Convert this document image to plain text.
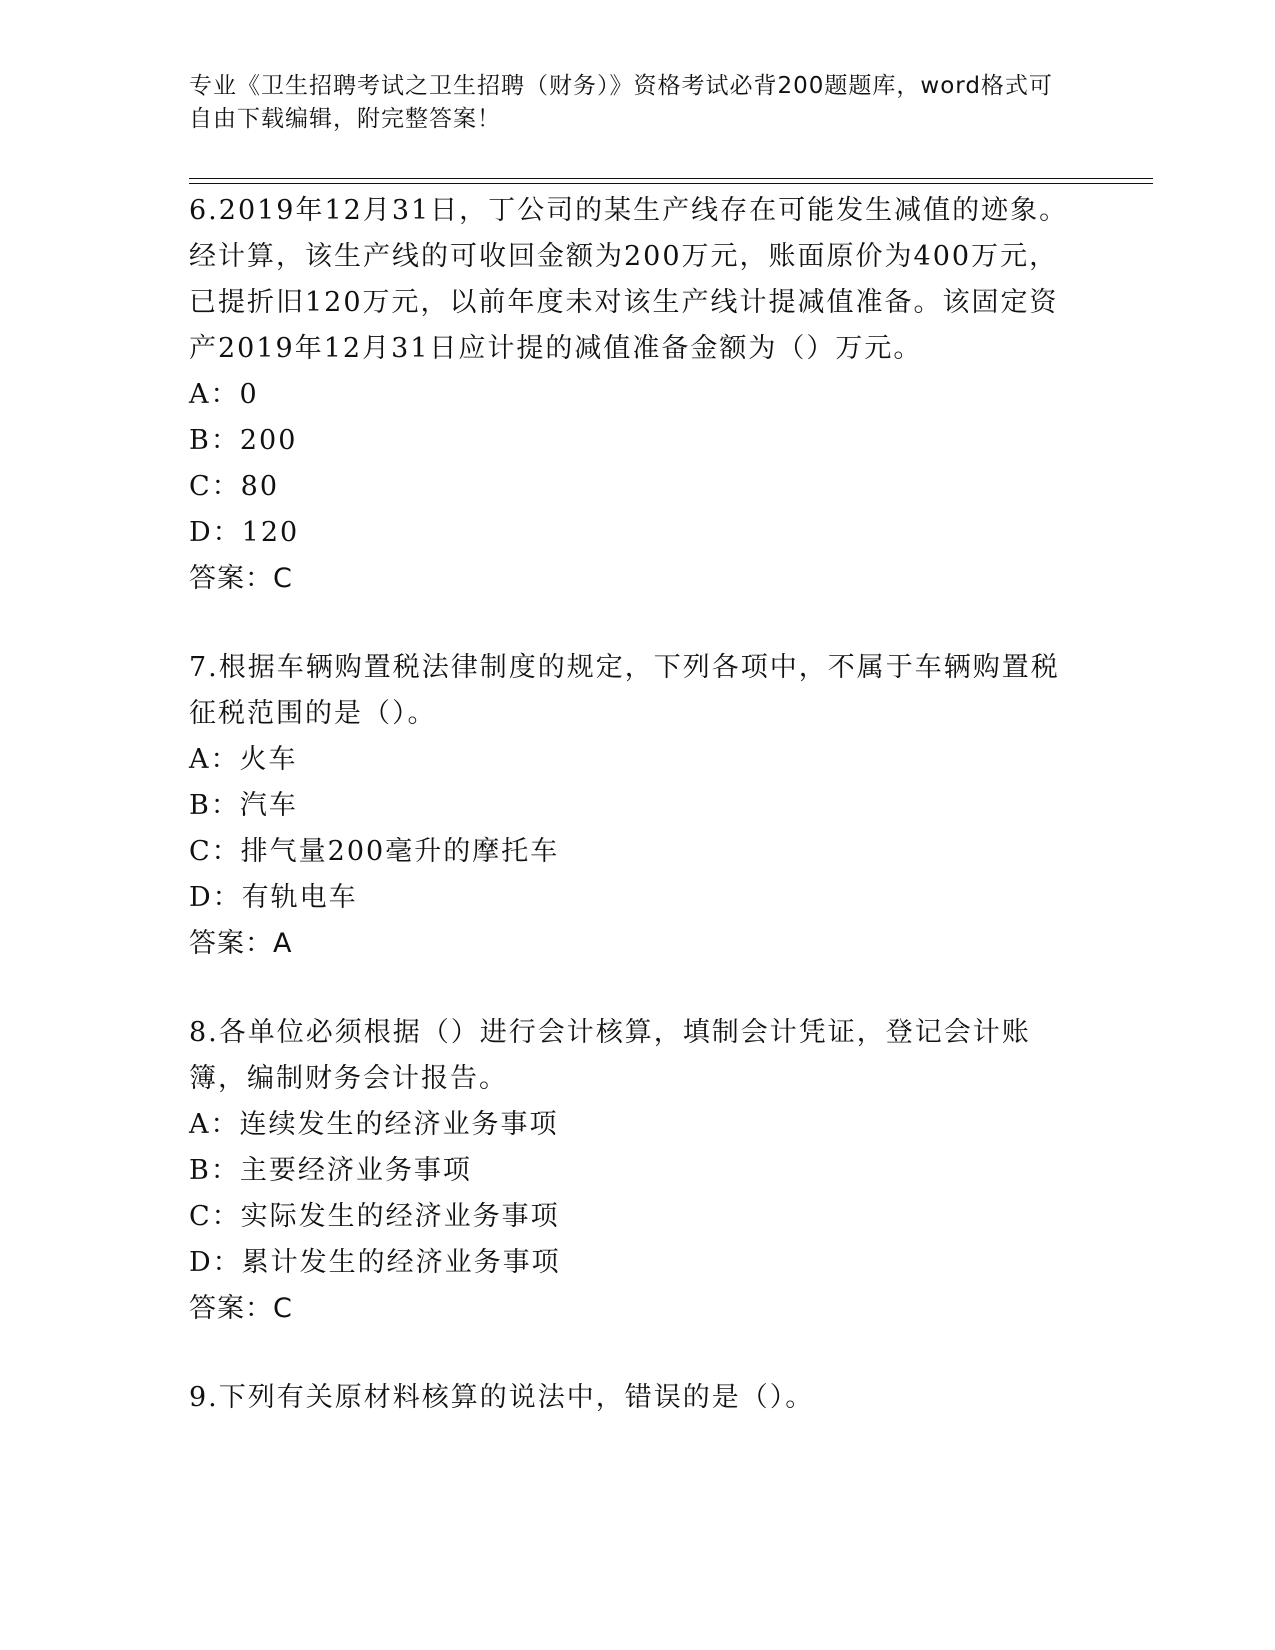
专业《卫生招聘考试之卫生招聘（财务）》资格考试必背200题题库，word格式可自由下载编辑，附完整答案！

6.2019年12月31日，丁公司的某生产线存在可能发生减值的迹象。经计算，该生产线的可收回金额为200万元，账面原价为400万元，已提折旧120万元，以前年度未对该生产线计提减值准备。该固定资产2019年12月31日应计提的减值准备金额为（）万元。

A：0

B：200

C：80

D：120

答案：C

7.根据车辆购置税法律制度的规定，下列各项中，不属于车辆购置税征税范围的是（）。

A：火车

B：汽车

C：排气量200毫升的摩托车

D：有轨电车

答案：A

8.各单位必须根据（）进行会计核算，填制会计凭证，登记会计账簿，编制财务会计报告。

A：连续发生的经济业务事项

B：主要经济业务事项

C：实际发生的经济业务事项

D：累计发生的经济业务事项

答案：C

9.下列有关原材料核算的说法中，错误的是（）。
